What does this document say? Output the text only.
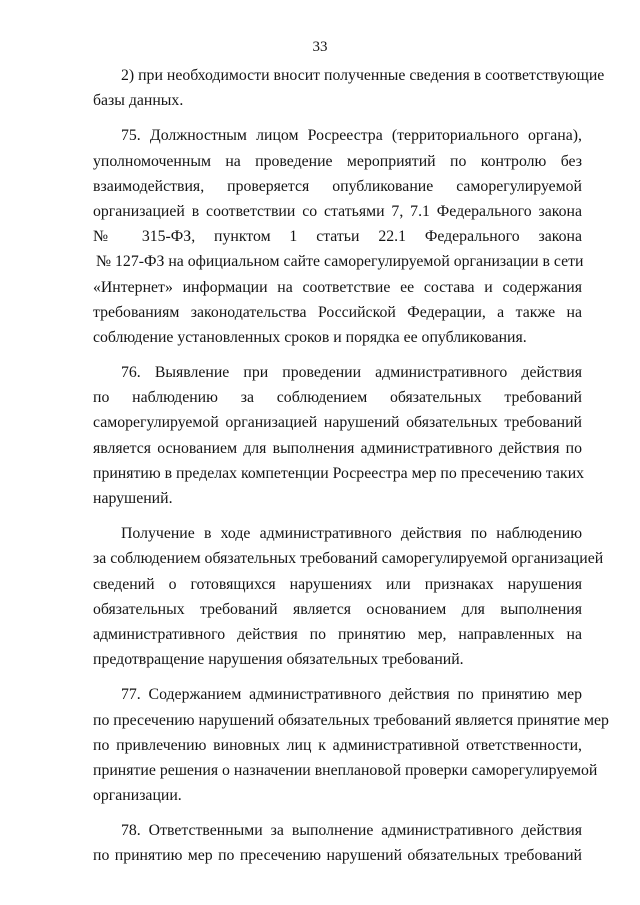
33
2) при необходимости вносит полученные сведения в соответствующие
базы данных.
75. Должностным лицом Росреестра (территориального органа),
уполномоченным на проведение мероприятий по контролю без
взаимодействия, проверяется опубликование саморегулируемой
организацией в соответствии со статьями 7, 7.1 Федерального закона
№ 315-ФЗ, пунктом 1 статьи 22.1 Федерального закона
№ 127-ФЗ на официальном сайте саморегулируемой организации в сети
«Интернет» информации на соответствие ее состава и содержания
требованиям законодательства Российской Федерации, а также на
соблюдение установленных сроков и порядка ее опубликования.
76. Выявление при проведении административного действия
по наблюдению за соблюдением обязательных требований
саморегулируемой организацией нарушений обязательных требований
является основанием для выполнения административного действия по
принятию в пределах компетенции Росреестра мер по пресечению таких
нарушений.
Получение в ходе административного действия по наблюдению
за соблюдением обязательных требований саморегулируемой организацией
сведений о готовящихся нарушениях или признаках нарушения
обязательных требований является основанием для выполнения
административного действия по принятию мер, направленных на
предотвращение нарушения обязательных требований.
77. Содержанием административного действия по принятию мер
по пресечению нарушений обязательных требований является принятие мер
по привлечению виновных лиц к административной ответственности,
принятие решения о назначении внеплановой проверки саморегулируемой
организации.
78. Ответственными за выполнение административного действия
по принятию мер по пресечению нарушений обязательных требований
